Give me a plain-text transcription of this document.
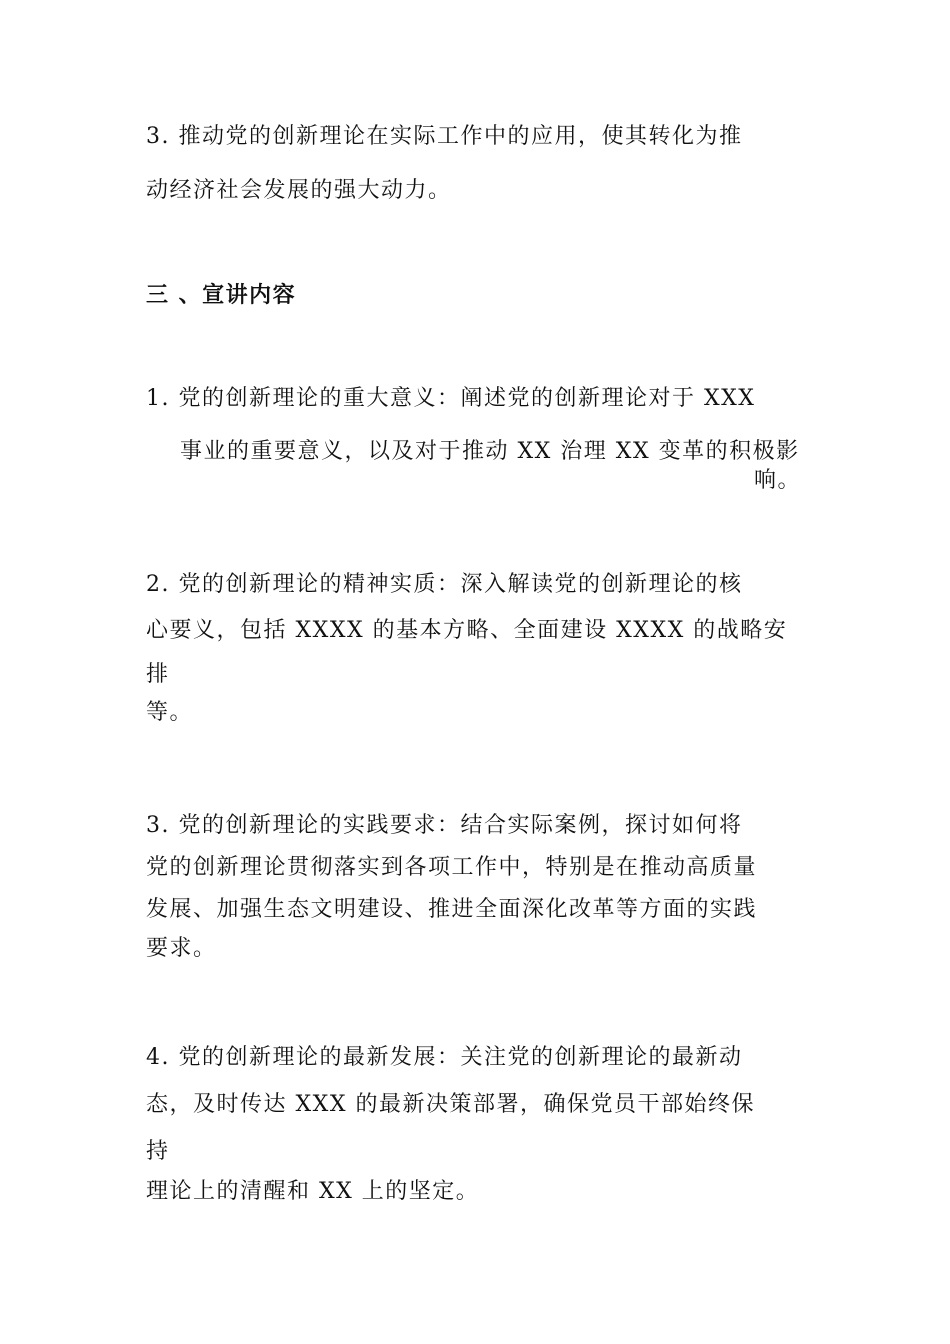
3. 推动党的创新理论在实际工作中的应用，使其转化为推
动经济社会发展的强大动力。
三 、宣讲内容
1. 党的创新理论的重大意义：阐述党的创新理论对于 XXX
事业的重要意义，以及对于推动 XX 治理 XX 变革的积极影
响。
2. 党的创新理论的精神实质：深入解读党的创新理论的核
心要义，包括 XXXX 的基本方略、全面建设 XXXX 的战略安
排
等。
3. 党的创新理论的实践要求：结合实际案例，探讨如何将
党的创新理论贯彻落实到各项工作中，特别是在推动高质量
发展、加强生态文明建设、推进全面深化改革等方面的实践
要求。
4. 党的创新理论的最新发展：关注党的创新理论的最新动
态，及时传达 XXX 的最新决策部署，确保党员干部始终保
持
理论上的清醒和 XX 上的坚定。
